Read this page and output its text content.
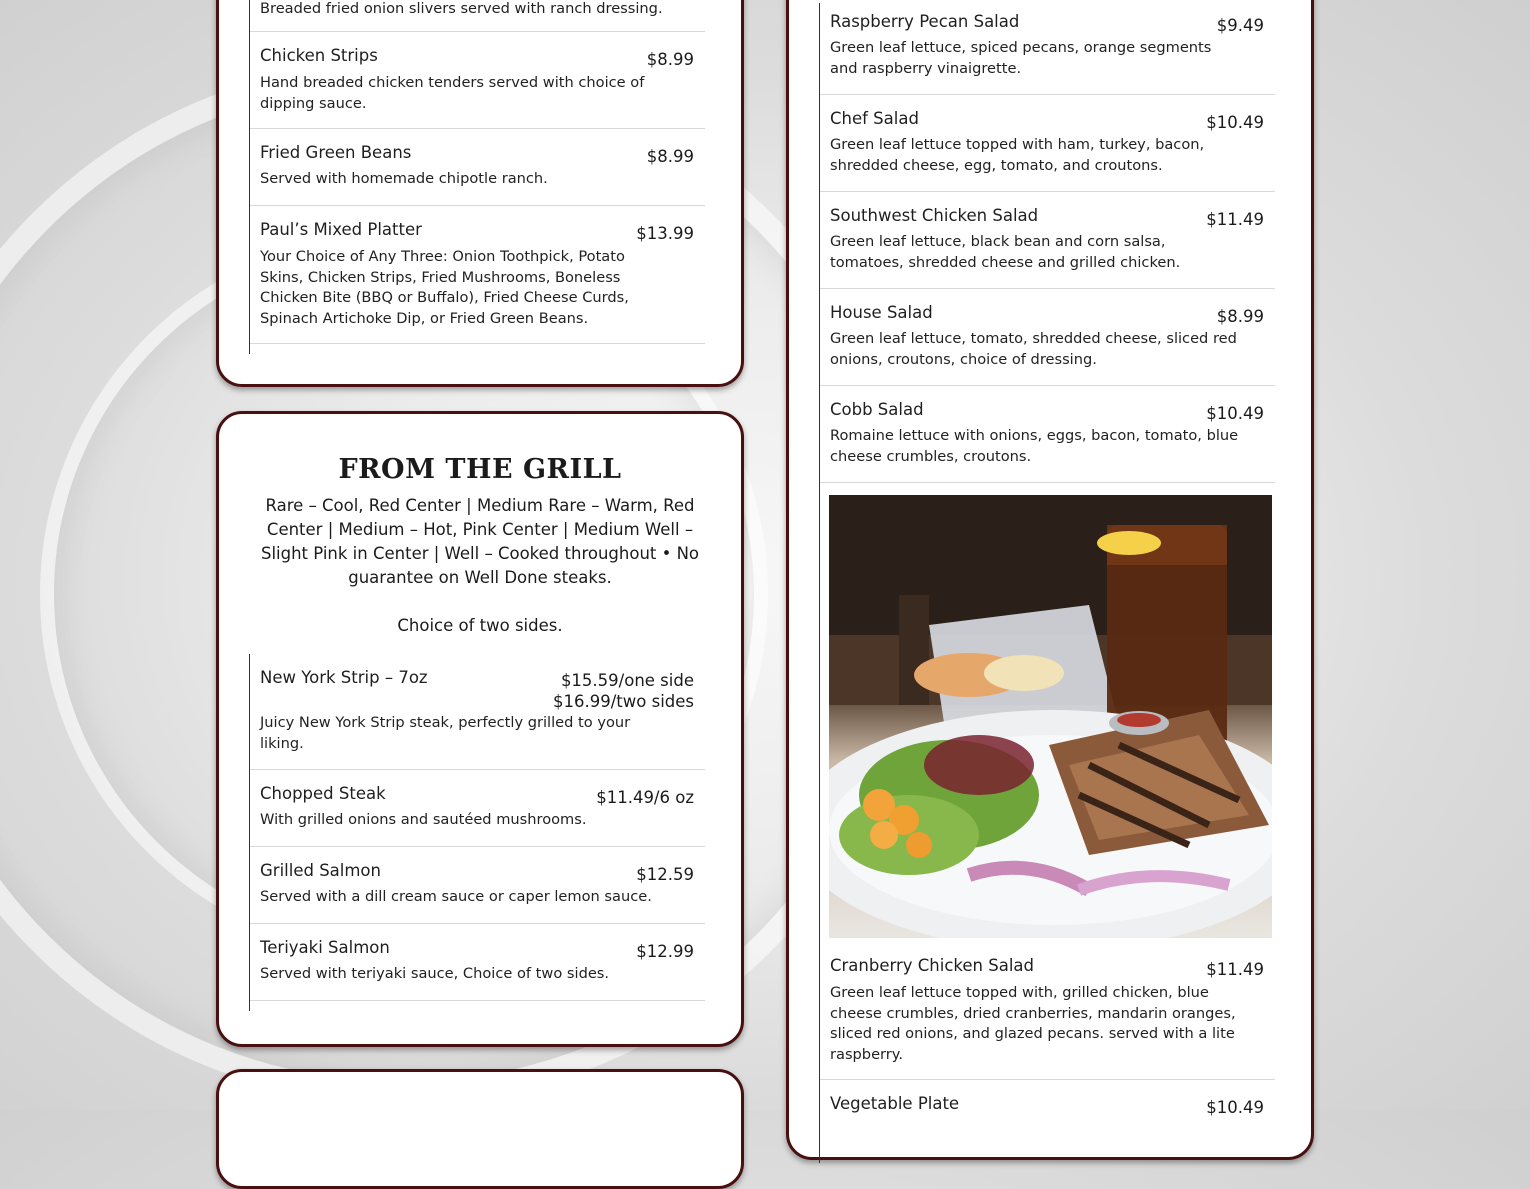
Breaded fried onion slivers served with ranch dressing.
Chicken Strips	$8.99
Hand breaded chicken tenders served with choice of dipping sauce.
Fried Green Beans	$8.99
Served with homemade chipotle ranch.
Paul’s Mixed Platter	$13.99
Your Choice of Any Three: Onion Toothpick, Potato Skins, Chicken Strips, Fried Mushrooms, Boneless Chicken Bite (BBQ or Buffalo), Fried Cheese Curds, Spinach Artichoke Dip, or Fried Green Beans.
FROM THE GRILL
Rare – Cool, Red Center | Medium Rare – Warm, Red Center | Medium – Hot, Pink Center | Medium Well – Slight Pink in Center | Well – Cooked throughout • No guarantee on Well Done steaks.
Choice of two sides.
New York Strip – 7oz	$15.59/one side
$16.99/two sides
Juicy New York Strip steak, perfectly grilled to your liking.
Chopped Steak	$11.49/6 oz
With grilled onions and sautéed mushrooms.
Grilled Salmon	$12.59
Served with a dill cream sauce or caper lemon sauce.
Teriyaki Salmon	$12.99
Served with teriyaki sauce, Choice of two sides.
Raspberry Pecan Salad	$9.49
Green leaf lettuce, spiced pecans, orange segments and raspberry vinaigrette.
Chef Salad	$10.49
Green leaf lettuce topped with ham, turkey, bacon, shredded cheese, egg, tomato, and croutons.
Southwest Chicken Salad	$11.49
Green leaf lettuce, black bean and corn salsa, tomatoes, shredded cheese and grilled chicken.
House Salad	$8.99
Green leaf lettuce, tomato, shredded cheese, sliced red onions, croutons, choice of dressing.
Cobb Salad	$10.49
Romaine lettuce with onions, eggs, bacon, tomato, blue cheese crumbles, croutons.
Cranberry Chicken Salad	$11.49
Green leaf lettuce topped with, grilled chicken, blue cheese crumbles, dried cranberries, mandarin oranges, sliced red onions, and glazed pecans. served with a lite raspberry.
Vegetable Plate	$10.49
